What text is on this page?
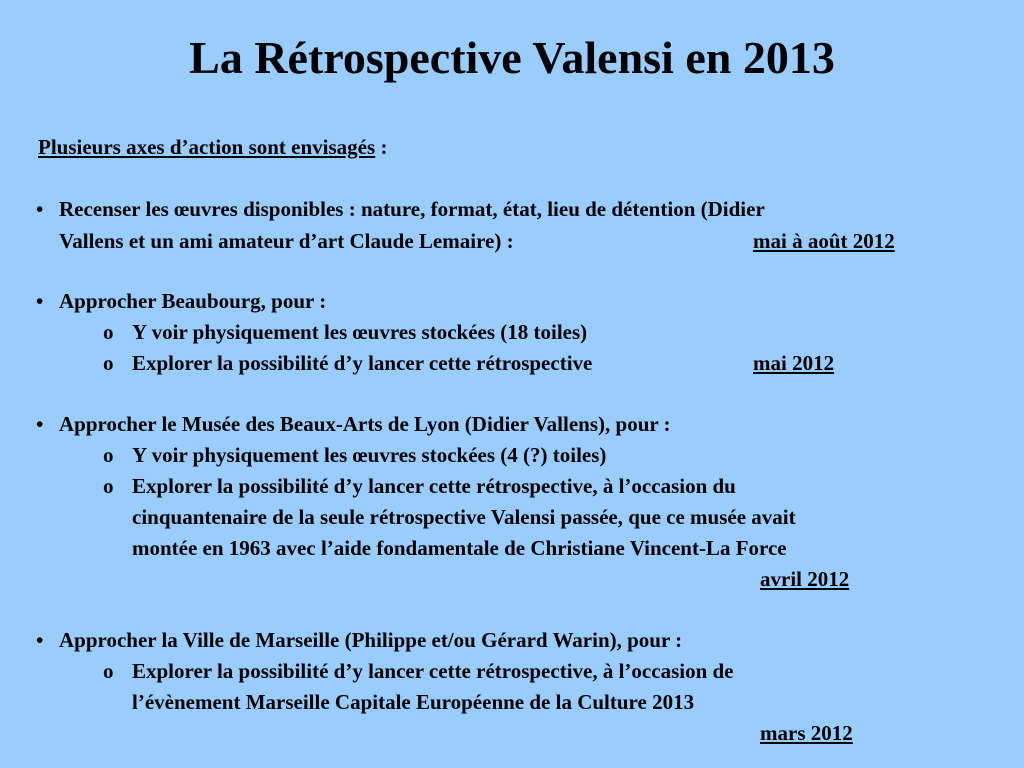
La Rétrospective Valensi en 2013
Plusieurs axes d’action sont envisagés :
• Recenser les œuvres disponibles : nature, format, état, lieu de détention (Didier
Vallens et un ami amateur d’art Claude Lemaire) :	mai à août 2012
• Approcher Beaubourg, pour :
o Y voir physiquement les œuvres stockées (18 toiles)
o Explorer la possibilité d’y lancer cette rétrospective	mai 2012
• Approcher le Musée des Beaux-Arts de Lyon (Didier Vallens), pour :
o Y voir physiquement les œuvres stockées (4 (?) toiles)
o Explorer la possibilité d’y lancer cette rétrospective, à l’occasion du
cinquantenaire de la seule rétrospective Valensi passée, que ce musée avait
montée en 1963 avec l’aide fondamentale de Christiane Vincent-La Force
avril 2012
• Approcher la Ville de Marseille (Philippe et/ou Gérard Warin), pour :
o Explorer la possibilité d’y lancer cette rétrospective, à l’occasion de
l’évènement Marseille Capitale Européenne de la Culture 2013
mars 2012
